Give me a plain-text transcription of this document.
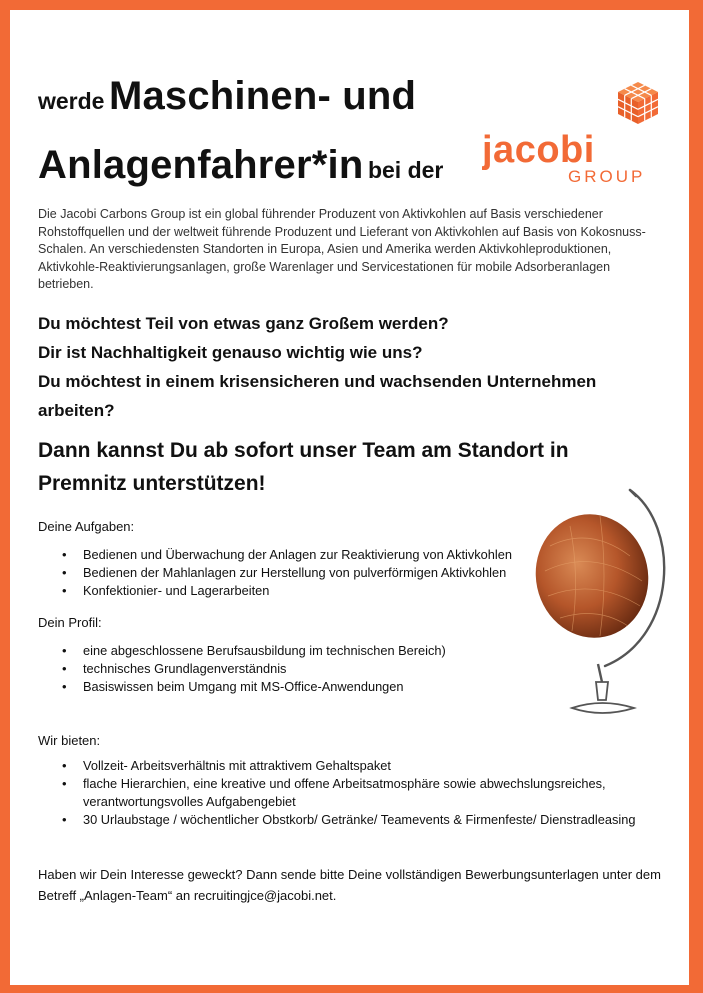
werde Maschinen- und
Anlagenfahrer*in bei der	jacobi
GROUP

Die Jacobi Carbons Group ist ein global führender Produzent von Aktivkohlen auf Basis verschiedener Rohstoffquellen und der weltweit führende Produzent und Lieferant von Aktivkohlen auf Basis von Kokosnuss-Schalen. An verschiedensten Standorten in Europa, Asien und Amerika werden Aktivkohleproduktionen, Aktivkohle-Reaktivierungsanlagen, große Warenlager und Servicestationen für mobile Adsorberanlagen betrieben.

Du möchtest Teil von etwas ganz Großem werden?
Dir ist Nachhaltigkeit genauso wichtig wie uns?
Du möchtest in einem krisensicheren und wachsenden Unternehmen
arbeiten?
Dann kannst Du ab sofort unser Team am Standort in
Premnitz unterstützen!
Deine Aufgaben:
• Bedienen und Überwachung der Anlagen zur Reaktivierung von Aktivkohlen
• Bedienen der Mahlanlagen zur Herstellung von pulverförmigen Aktivkohlen
• Konfektionier- und Lagerarbeiten
Dein Profil:
• eine abgeschlossene Berufsausbildung im technischen Bereich)
• technisches Grundlagenverständnis
• Basiswissen beim Umgang mit MS-Office-Anwendungen
Wir bieten:
• Vollzeit- Arbeitsverhältnis mit attraktivem Gehaltspaket
• flache Hierarchien, eine kreative und offene Arbeitsatmosphäre sowie abwechslungsreiches, verantwortungsvolles Aufgabengebiet
• 30 Urlaubstage / wöchentlicher Obstkorb/ Getränke/ Teamevents & Firmenfeste/ Dienstradleasing
Haben wir Dein Interesse geweckt? Dann sende bitte Deine vollständigen Bewerbungsunterlagen unter dem
Betreff „Anlagen-Team“ an recruitingjce@jacobi.net.
